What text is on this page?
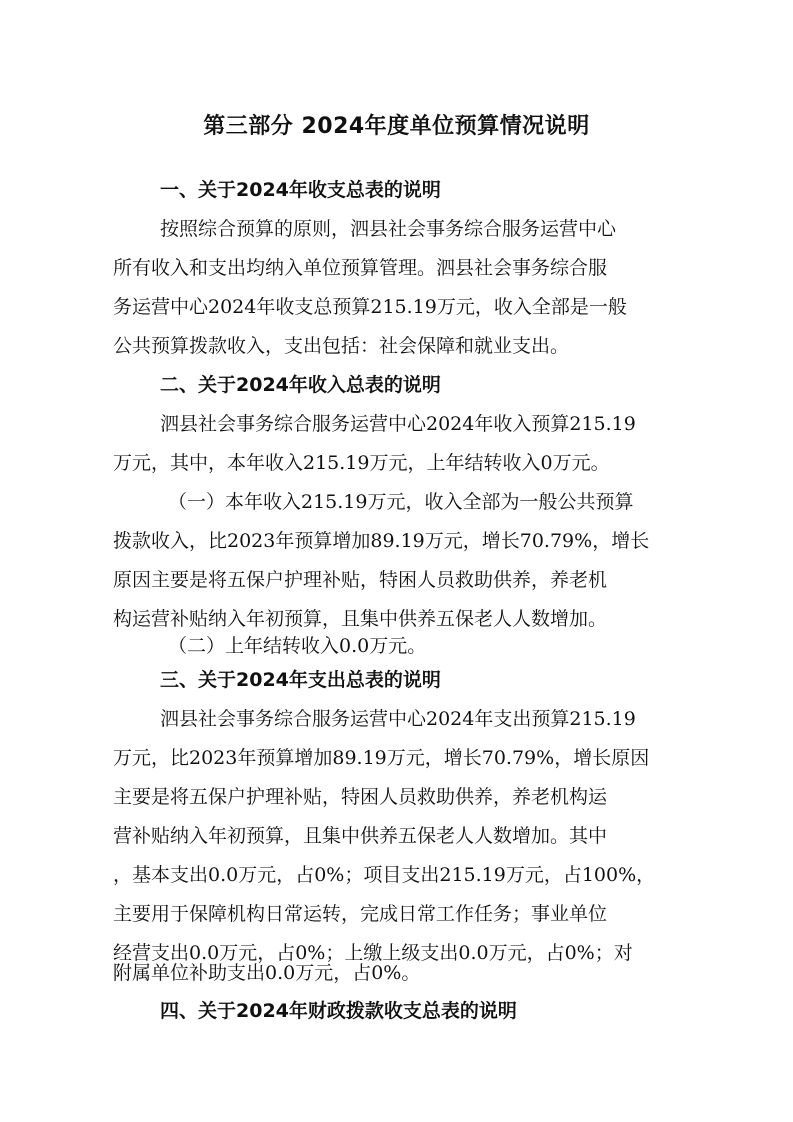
第三部分 2024年度单位预算情况说明
一、关于2024年收支总表的说明
按照综合预算的原则，泗县社会事务综合服务运营中心
所有收入和支出均纳入单位预算管理。泗县社会事务综合服
务运营中心2024年收支总预算215.19万元，收入全部是一般
公共预算拨款收入，支出包括：社会保障和就业支出。
二、关于2024年收入总表的说明
泗县社会事务综合服务运营中心2024年收入预算215.19
万元，其中，本年收入215.19万元，上年结转收入0万元。
（一）本年收入215.19万元，收入全部为一般公共预算
拨款收入，比2023年预算增加89.19万元，增长70.79%，增长
原因主要是将五保户护理补贴，特困人员救助供养，养老机
构运营补贴纳入年初预算，且集中供养五保老人人数增加。
（二）上年结转收入0.0万元。
三、关于2024年支出总表的说明
泗县社会事务综合服务运营中心2024年支出预算215.19
万元，比2023年预算增加89.19万元，增长70.79%，增长原因
主要是将五保户护理补贴，特困人员救助供养，养老机构运
营补贴纳入年初预算，且集中供养五保老人人数增加。其中
，基本支出0.0万元，占0%；项目支出215.19万元，占100%，
主要用于保障机构日常运转，完成日常工作任务；事业单位
经营支出0.0万元，占0%；上缴上级支出0.0万元，占0%；对
附属单位补助支出0.0万元，占0%。
四、关于2024年财政拨款收支总表的说明
